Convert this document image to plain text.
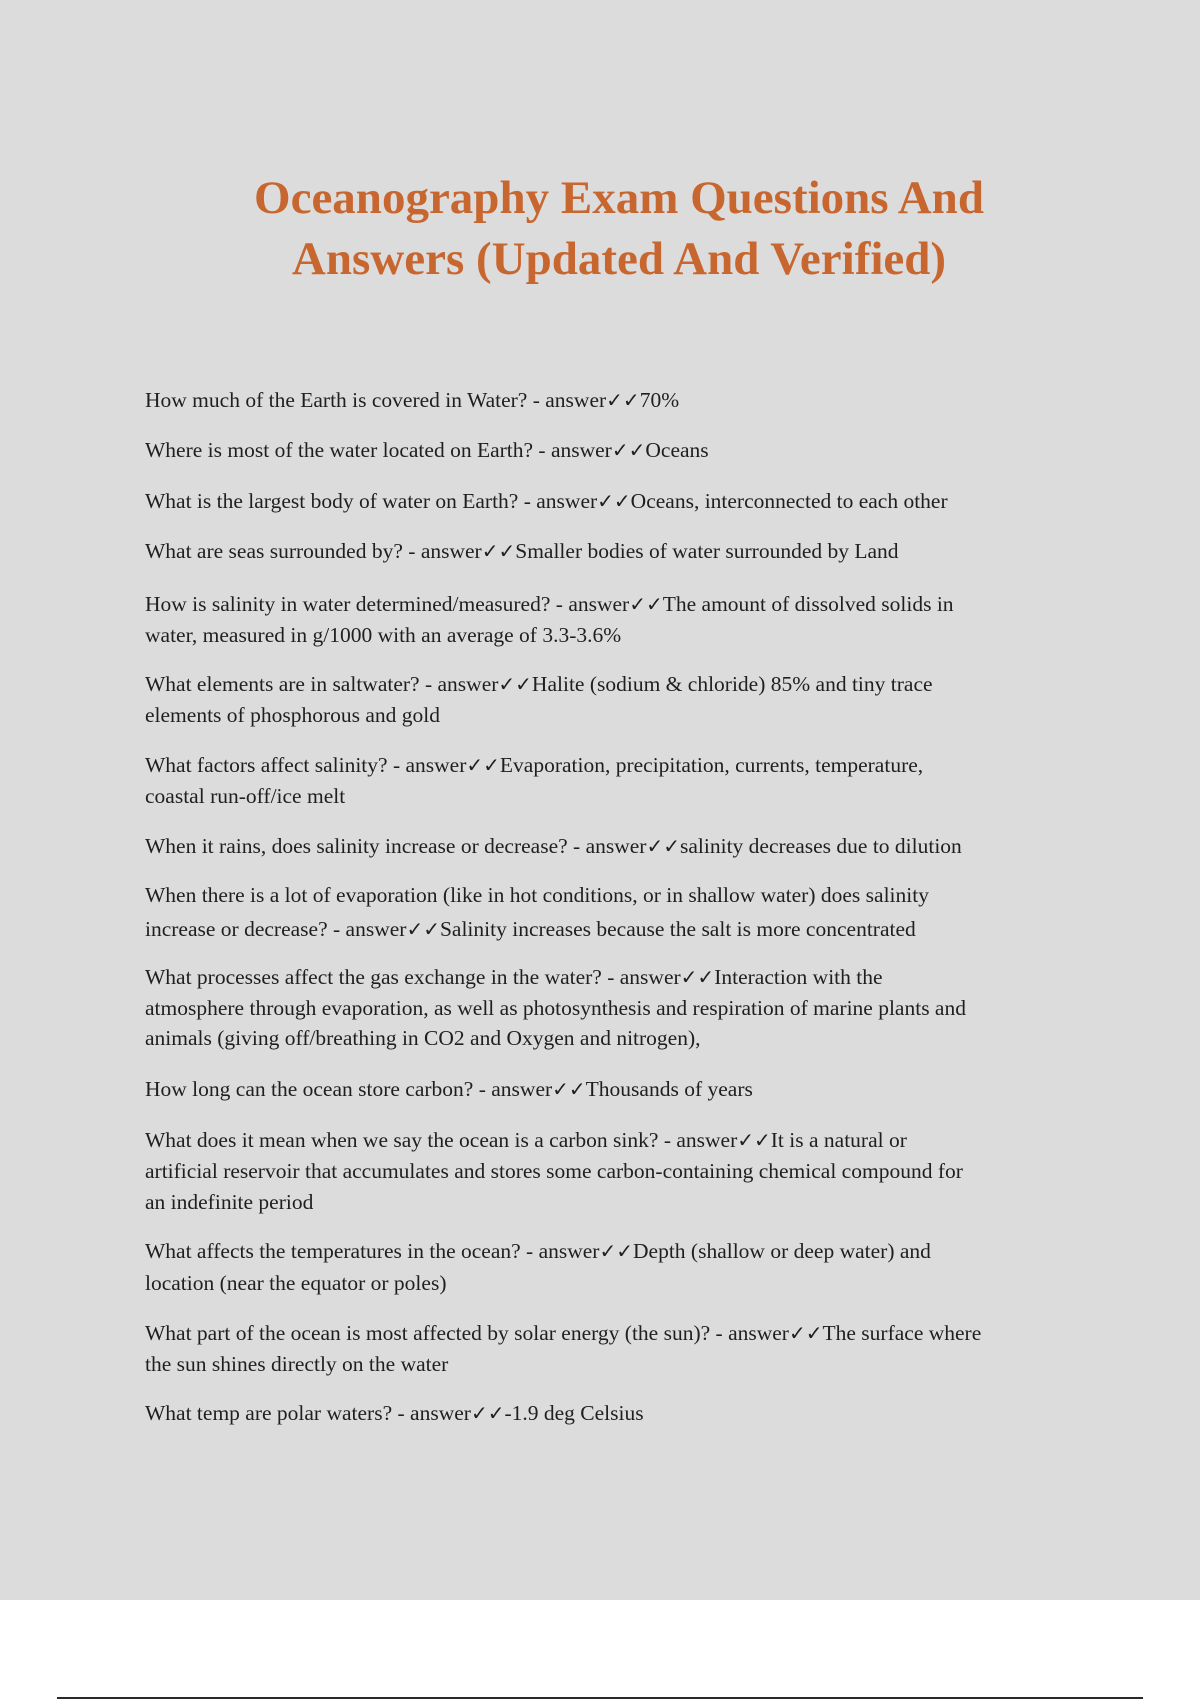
Oceanography Exam Questions And
Answers (Updated And Verified)

How much of the Earth is covered in Water? - answer✓✓70%

Where is most of the water located on Earth? - answer✓✓Oceans

What is the largest body of water on Earth? - answer✓✓Oceans, interconnected to each other

What are seas surrounded by? - answer✓✓Smaller bodies of water surrounded by Land

How is salinity in water determined/measured? - answer✓✓The amount of dissolved solids in
water, measured in g/1000 with an average of 3.3-3.6%

What elements are in saltwater? - answer✓✓Halite (sodium & chloride) 85% and tiny trace
elements of phosphorous and gold

What factors affect salinity? - answer✓✓Evaporation, precipitation, currents, temperature,
coastal run-off/ice melt

When it rains, does salinity increase or decrease? - answer✓✓salinity decreases due to dilution

When there is a lot of evaporation (like in hot conditions, or in shallow water) does salinity
increase or decrease? - answer✓✓Salinity increases because the salt is more concentrated

What processes affect the gas exchange in the water? - answer✓✓Interaction with the
atmosphere through evaporation, as well as photosynthesis and respiration of marine plants and
animals (giving off/breathing in CO2 and Oxygen and nitrogen),

How long can the ocean store carbon? - answer✓✓Thousands of years

What does it mean when we say the ocean is a carbon sink? - answer✓✓It is a natural or
artificial reservoir that accumulates and stores some carbon-containing chemical compound for
an indefinite period

What affects the temperatures in the ocean? - answer✓✓Depth (shallow or deep water) and
location (near the equator or poles)

What part of the ocean is most affected by solar energy (the sun)? - answer✓✓The surface where
the sun shines directly on the water

What temp are polar waters? - answer✓✓-1.9 deg Celsius
